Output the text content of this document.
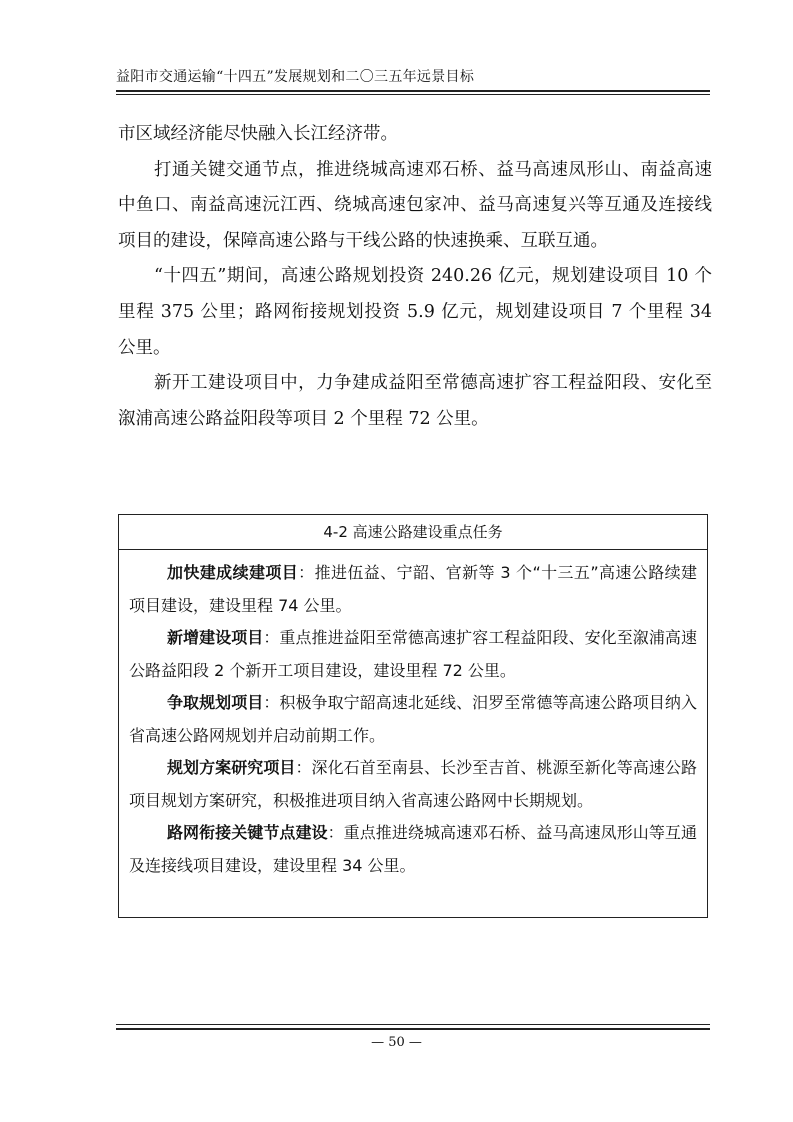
益阳市交通运输“十四五”发展规划和二〇三五年远景目标

市区域经济能尽快融入长江经济带。

打通关键交通节点，推进绕城高速邓石桥、益马高速凤形山、南益高速中鱼口、南益高速沅江西、绕城高速包家冲、益马高速复兴等互通及连接线项目的建设，保障高速公路与干线公路的快速换乘、互联互通。

“十四五”期间，高速公路规划投资 240.26 亿元，规划建设项目 10 个里程 375 公里；路网衔接规划投资 5.9 亿元，规划建设项目 7 个里程 34 公里。

新开工建设项目中，力争建成益阳至常德高速扩容工程益阳段、安化至溆浦高速公路益阳段等项目 2 个里程 72 公里。

4-2 高速公路建设重点任务

加快建成续建项目：推进伍益、宁韶、官新等 3 个“十三五”高速公路续建项目建设，建设里程 74 公里。

新增建设项目：重点推进益阳至常德高速扩容工程益阳段、安化至溆浦高速公路益阳段 2 个新开工项目建设，建设里程 72 公里。

争取规划项目：积极争取宁韶高速北延线、汨罗至常德等高速公路项目纳入省高速公路网规划并启动前期工作。

规划方案研究项目：深化石首至南县、长沙至吉首、桃源至新化等高速公路项目规划方案研究，积极推进项目纳入省高速公路网中长期规划。

路网衔接关键节点建设：重点推进绕城高速邓石桥、益马高速凤形山等互通及连接线项目建设，建设里程 34 公里。

— 50 —
